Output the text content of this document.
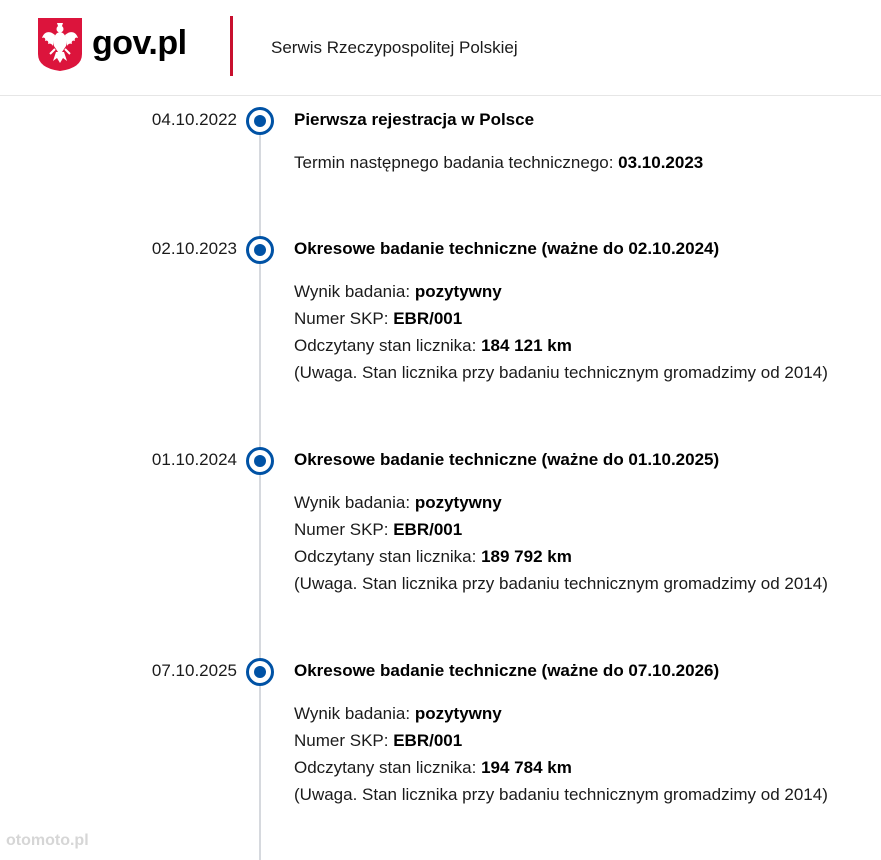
gov.pl	Serwis Rzeczypospolitej Polskiej
04.10.2022	Pierwsza rejestracja w Polsce
Termin następnego badania technicznego: 03.10.2023
02.10.2023	Okresowe badanie techniczne (ważne do 02.10.2024)
Wynik badania: pozytywny
Numer SKP: EBR/001
Odczytany stan licznika: 184 121 km
(Uwaga. Stan licznika przy badaniu technicznym gromadzimy od 2014)
01.10.2024	Okresowe badanie techniczne (ważne do 01.10.2025)
Wynik badania: pozytywny
Numer SKP: EBR/001
Odczytany stan licznika: 189 792 km
(Uwaga. Stan licznika przy badaniu technicznym gromadzimy od 2014)
07.10.2025	Okresowe badanie techniczne (ważne do 07.10.2026)
Wynik badania: pozytywny
Numer SKP: EBR/001
Odczytany stan licznika: 194 784 km
(Uwaga. Stan licznika przy badaniu technicznym gromadzimy od 2014)
otomoto.pl
